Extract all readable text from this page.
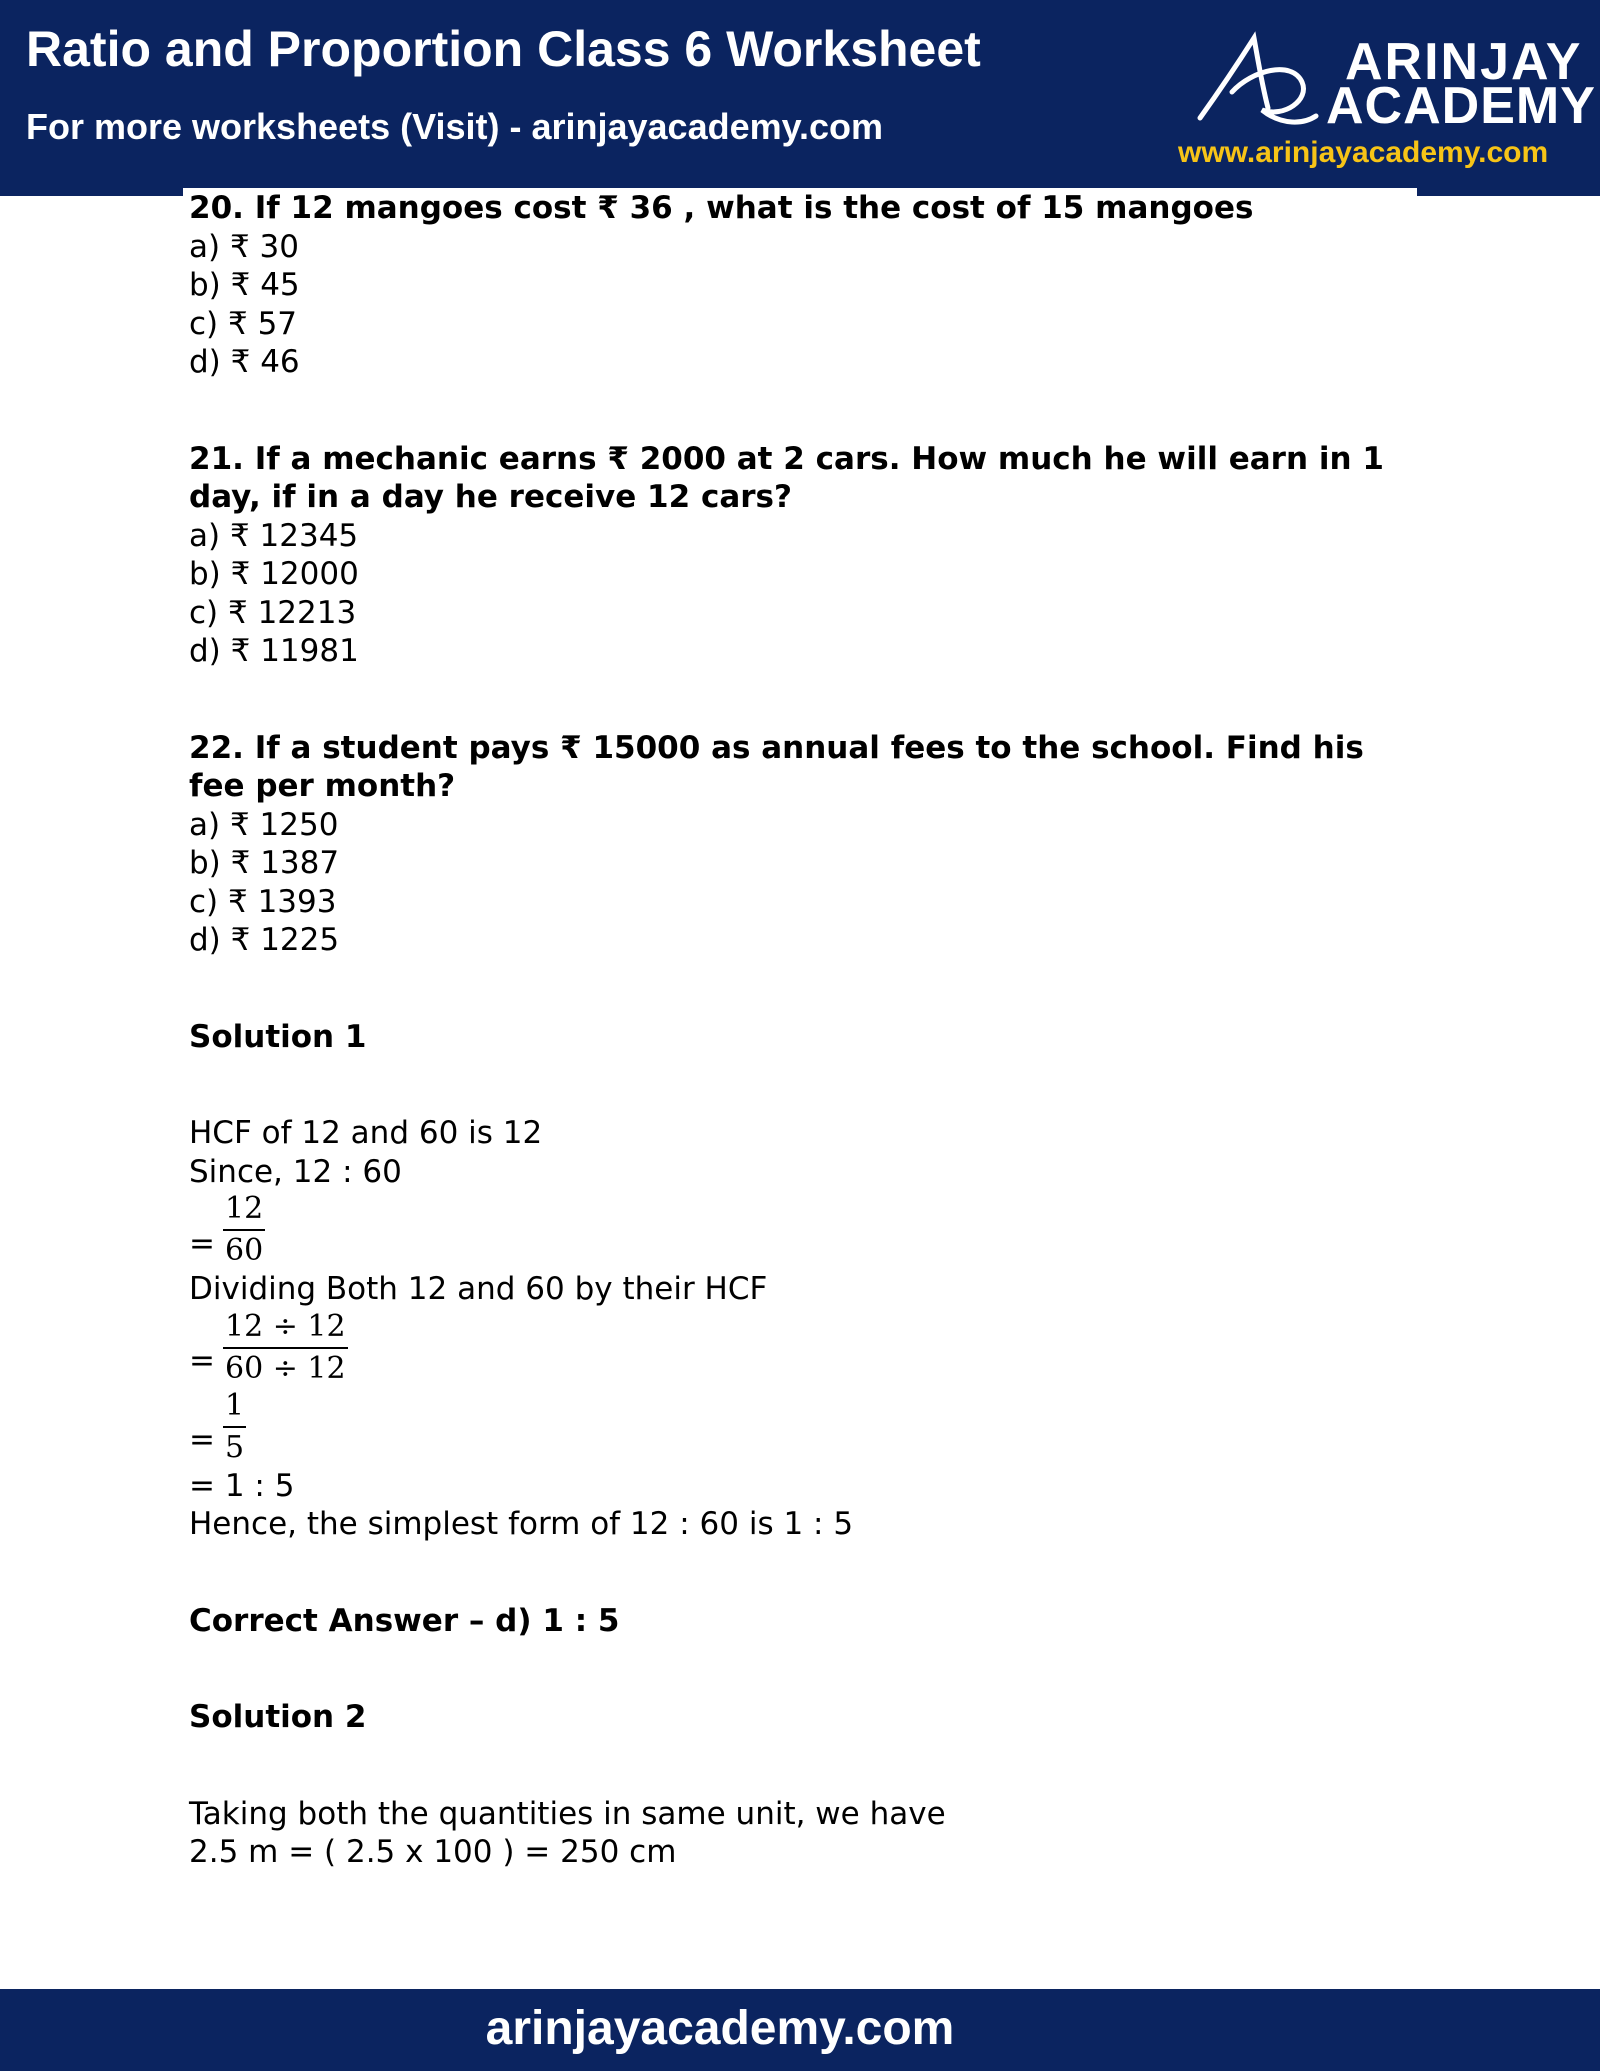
Ratio and Proportion Class 6 Worksheet
For more worksheets (Visit) - arinjayacademy.com
ARINJAY
ACADEMY
www.arinjayacademy.com

20. If 12 mangoes cost ₹ 36 , what is the cost of 15 mangoes

a) ₹ 30

b) ₹ 45

c) ₹ 57

d) ₹ 46

21. If a mechanic earns ₹ 2000 at 2 cars. How much he will earn in 1 day, if in a day he receive 12 cars?

a) ₹ 12345

b) ₹ 12000

c) ₹ 12213

d) ₹ 11981

22. If a student pays ₹ 15000 as annual fees to the school. Find his fee per month?

a) ₹ 1250

b) ₹ 1387

c) ₹ 1393

d) ₹ 1225

Solution 1

HCF of 12 and 60 is 12

Since, 12 : 60

= $\frac{12}{60}$

Dividing Both 12 and 60 by their HCF

= $\frac{12 \div 12}{60 \div 12}$
= $\frac{1}{5}$

= 1 : 5

Hence, the simplest form of 12 : 60 is 1 : 5

Correct Answer – d) 1 : 5

Solution 2

Taking both the quantities in same unit, we have

2.5 m = ( 2.5 x 100 ) = 250 cm

arinjayacademy.com
